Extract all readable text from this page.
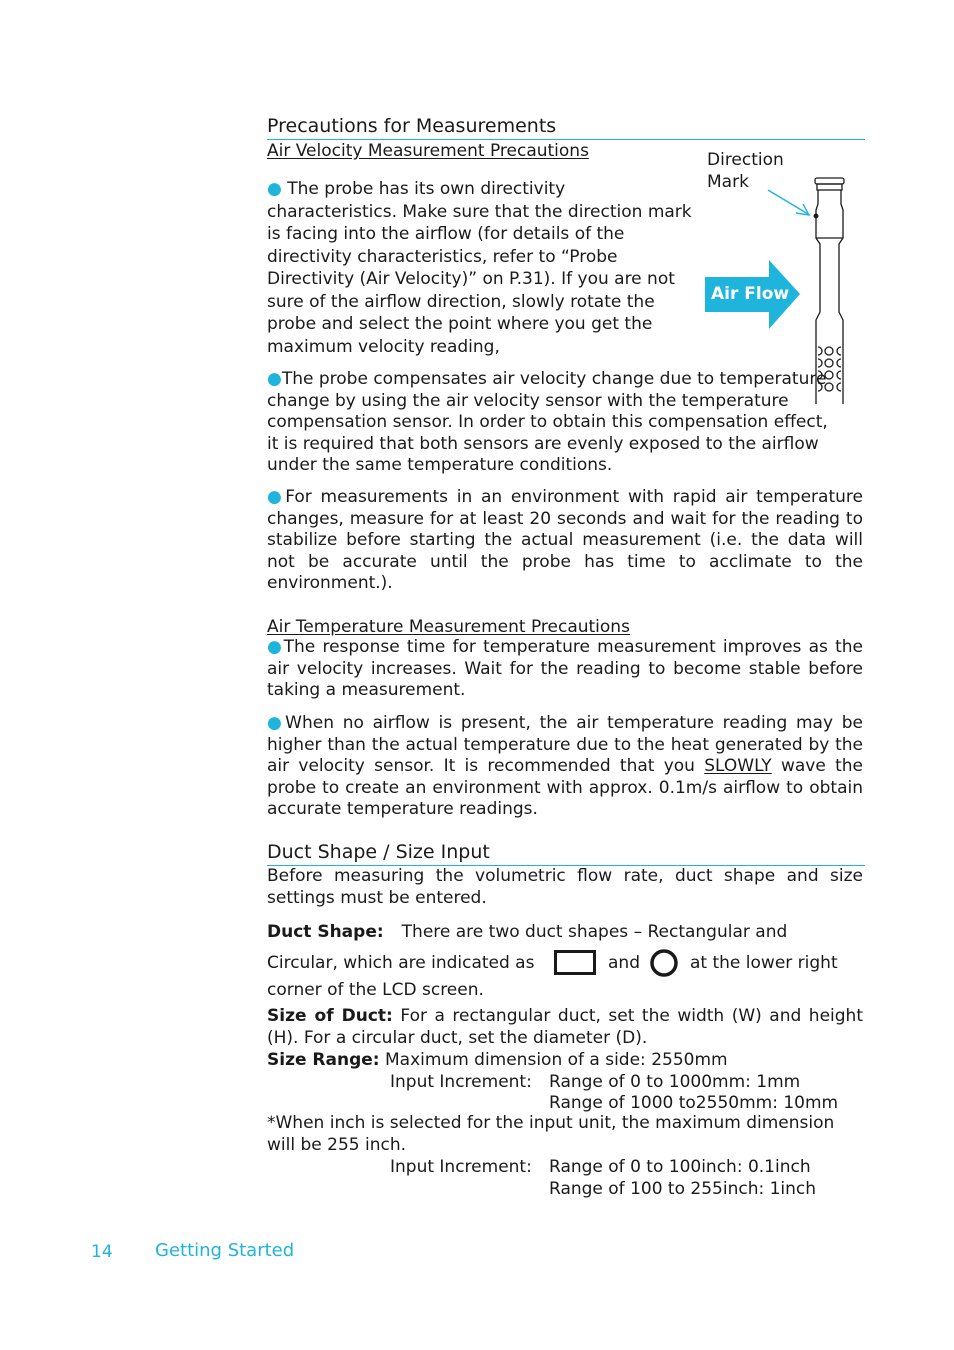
Precautions for Measurements
Air Velocity Measurement Precautions
● The probe has its own directivity characteristics. Make sure that the direction mark is facing into the airflow (for details of the directivity characteristics, refer to “Probe Directivity (Air Velocity)” on P.31). If you are not sure of the airflow direction, slowly rotate the probe and select the point where you get the maximum velocity reading,
●The probe compensates air velocity change due to temperature change by using the air velocity sensor with the temperature compensation sensor. In order to obtain this compensation effect, it is required that both sensors are evenly exposed to the airflow under the same temperature conditions.
●For measurements in an environment with rapid air temperature changes, measure for at least 20 seconds and wait for the reading to stabilize before starting the actual measurement (i.e. the data will not be accurate until the probe has time to acclimate to the environment.).
Air Temperature Measurement Precautions
●The response time for temperature measurement improves as the air velocity increases. Wait for the reading to become stable before taking a measurement.
●When no airflow is present, the air temperature reading may be higher than the actual temperature due to the heat generated by the air velocity sensor. It is recommended that you SLOWLY wave the probe to create an environment with approx. 0.1m/s airflow to obtain accurate temperature readings.
Direction
Mark
Air Flow
Duct Shape / Size Input
Before measuring the volumetric flow rate, duct shape and size settings must be entered.
Duct Shape: There are two duct shapes – Rectangular and
Circular, which are indicated as	and	at the lower right
corner of the LCD screen.
Size of Duct: For a rectangular duct, set the width (W) and height (H). For a circular duct, set the diameter (D).
Size Range: Maximum dimension of a side: 2550mm
Input Increment: Range of 0 to 1000mm: 1mm
Range of 1000 to2550mm: 10mm
*When inch is selected for the input unit, the maximum dimension will be 255 inch.
Input Increment: Range of 0 to 100inch: 0.1inch
Range of 100 to 255inch: 1inch
14 Getting Started
